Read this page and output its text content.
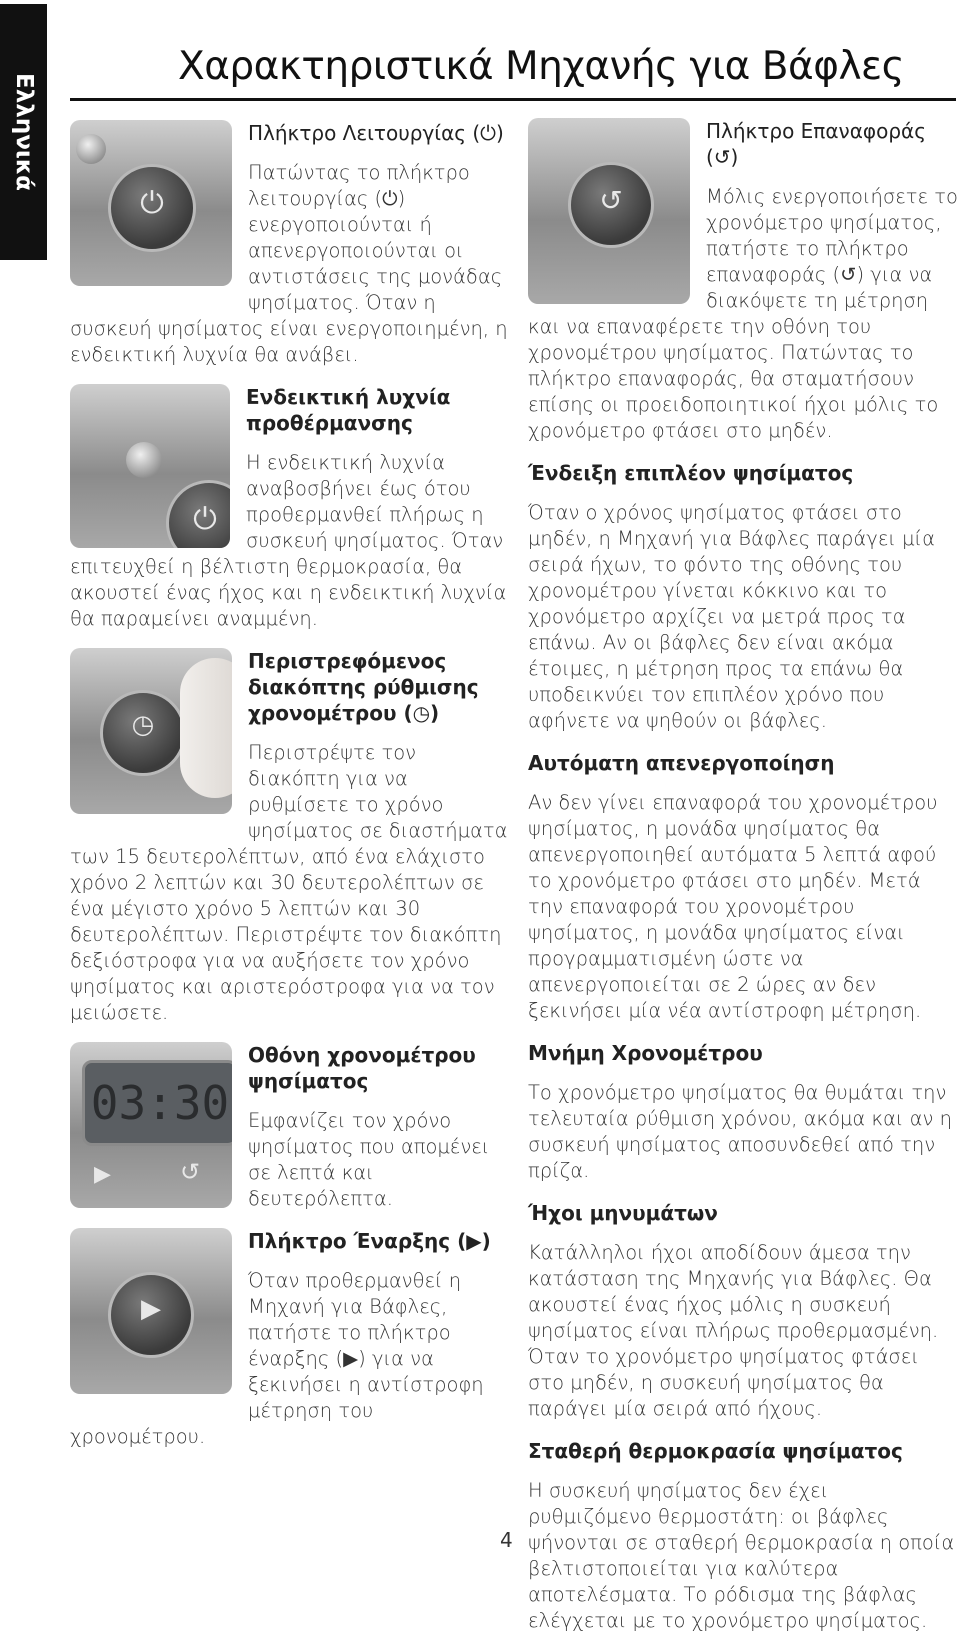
Ελληνικά
Χαρακτηριστικά Μηχανής για Βάφλες
⏻
Πλήκτρο Λειτουργίας (⏻)

Πατώντας το πλήκτρο λειτουργίας (⏻) ενεργοποιούνται ή απενεργοποιούνται οι αντιστάσεις της μονάδας ψησίματος. Όταν η συσκευή ψησίματος είναι ενεργοποιημένη, η ενδεικτική λυχνία θα ανάβει.

⏻
Ενδεικτική λυχνία προθέρμανσης

Η ενδεικτική λυχνία αναβοσβήνει έως ότου προθερμανθεί πλήρως η συσκευή ψησίματος. Όταν επιτευχθεί η βέλτιστη θερμοκρασία, θα ακουστεί ένας ήχος και η ενδεικτική λυχνία θα παραμείνει αναμμένη.

◷
Περιστρεφόμενος διακόπτης ρύθμισης χρονομέτρου (◷)

Περιστρέψτε τον διακόπτη για να ρυθμίσετε το χρόνο ψησίματος σε διαστήματα των 15 δευτερολέπτων, από ένα ελάχιστο χρόνο 2 λεπτών και 30 δευτερολέπτων σε ένα μέγιστο χρόνο 5 λεπτών και 30 δευτερολέπτων. Περιστρέψτε τον διακόπτη δεξιόστροφα για να αυξήσετε τον χρόνο ψησίματος και αριστερόστροφα για να τον μειώσετε.

03:30
▶	↺
Οθόνη χρονομέτρου ψησίματος

Εμφανίζει τον χρόνο ψησίματος που απομένει σε λεπτά και δευτερόλεπτα.

▶
Πλήκτρο Έναρξης (▶)

Όταν προθερμανθεί η Μηχανή για Βάφλες, πατήστε το πλήκτρο έναρξης (▶) για να ξεκινήσει η αντίστροφη μέτρηση του χρονομέτρου.

↺
Πλήκτρο Επαναφοράς (↺)

Μόλις ενεργοποιήσετε το χρονόμετρο ψησίματος, πατήστε το πλήκτρο επαναφοράς (↺) για να διακόψετε τη μέτρηση και να επαναφέρετε την οθόνη του χρονομέτρου ψησίματος. Πατώντας το πλήκτρο επαναφοράς, θα σταματήσουν επίσης οι προειδοποιητικοί ήχοι μόλις το χρονόμετρο φτάσει στο μηδέν.

Ένδειξη επιπλέον ψησίματος

Όταν ο χρόνος ψησίματος φτάσει στο μηδέν, η Μηχανή για Βάφλες παράγει μία σειρά ήχων, το φόντο της οθόνης του χρονομέτρου γίνεται κόκκινο και το χρονόμετρο αρχίζει να μετρά προς τα επάνω. Αν οι βάφλες δεν είναι ακόμα έτοιμες, η μέτρηση προς τα επάνω θα υποδεικνύει τον επιπλέον χρόνο που αφήνετε να ψηθούν οι βάφλες.

Αυτόματη απενεργοποίηση

Αν δεν γίνει επαναφορά του χρονομέτρου ψησίματος, η μονάδα ψησίματος θα απενεργοποιηθεί αυτόματα 5 λεπτά αφού το χρονόμετρο φτάσει στο μηδέν. Μετά την επαναφορά του χρονομέτρου ψησίματος, η μονάδα ψησίματος είναι προγραμματισμένη ώστε να απενεργοποιείται σε 2 ώρες αν δεν ξεκινήσει μία νέα αντίστροφη μέτρηση.

Μνήμη Χρονομέτρου

Το χρονόμετρο ψησίματος θα θυμάται την τελευταία ρύθμιση χρόνου, ακόμα και αν η συσκευή ψησίματος αποσυνδεθεί από την πρίζα.

Ήχοι μηνυμάτων

Κατάλληλοι ήχοι αποδίδουν άμεσα την κατάσταση της Μηχανής για Βάφλες. Θα ακουστεί ένας ήχος μόλις η συσκευή ψησίματος είναι πλήρως προθερμασμένη. Όταν το χρονόμετρο ψησίματος φτάσει στο μηδέν, η συσκευή ψησίματος θα παράγει μία σειρά από ήχους.

Σταθερή θερμοκρασία ψησίματος

Η συσκευή ψησίματος δεν έχει ρυθμιζόμενο θερμοστάτη: οι βάφλες ψήνονται σε σταθερή θερμοκρασία η οποία βελτιστοποιείται για καλύτερα αποτελέσματα. Το ρόδισμα της βάφλας ελέγχεται με το χρονόμετρο ψησίματος.

4
